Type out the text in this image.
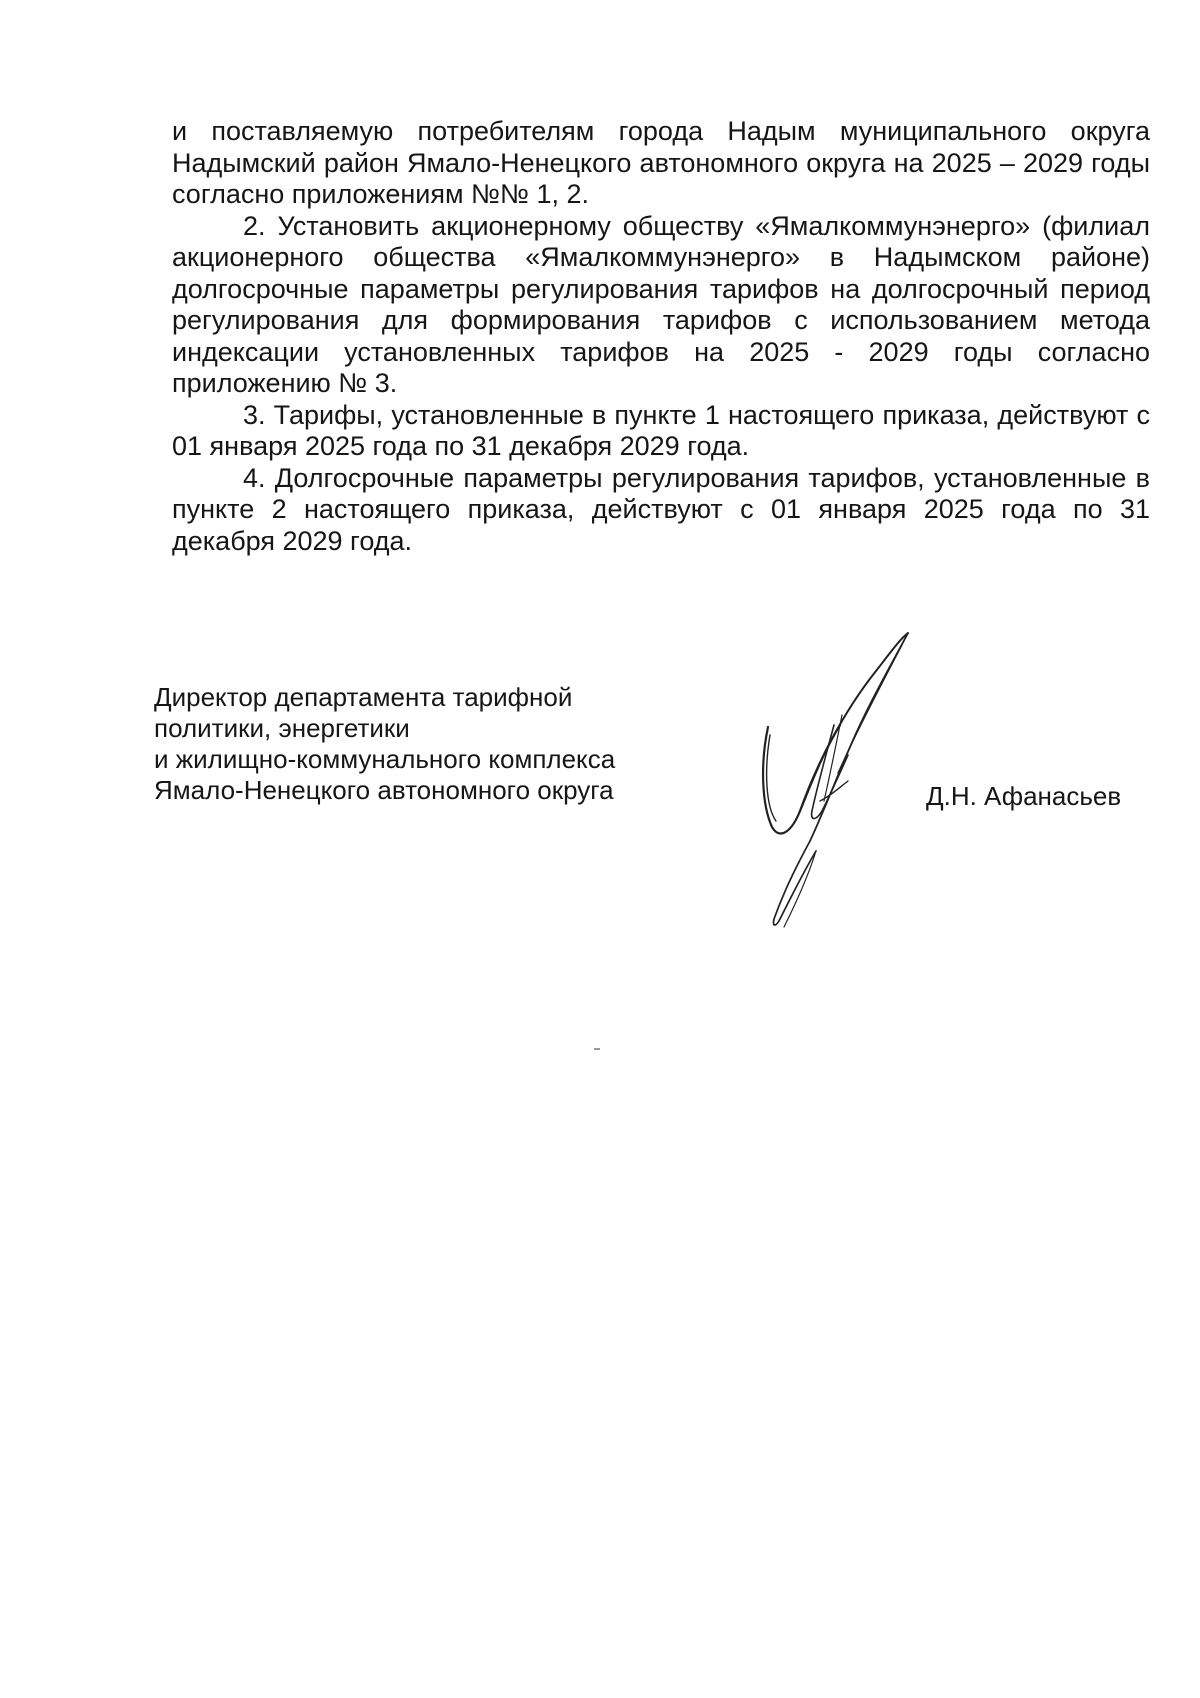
и поставляемую потребителям города Надым муниципального округа Надымский район Ямало-Ненецкого автономного округа на 2025 – 2029 годы согласно приложениям №№ 1, 2.

2. Установить акционерному обществу «Ямалкоммунэнерго» (филиал акционерного общества «Ямалкоммунэнерго» в Надымском районе) долгосрочные параметры регулирования тарифов на долгосрочный период регулирования для формирования тарифов с использованием метода индексации установленных тарифов на 2025 - 2029 годы согласно приложению № 3.

3. Тарифы, установленные в пункте 1 настоящего приказа, действуют с 01 января 2025 года по 31 декабря 2029 года.

4. Долгосрочные параметры регулирования тарифов, установленные в пункте 2 настоящего приказа, действуют с 01 января 2025 года по 31 декабря 2029 года.

Директор департамента тарифной
политики, энергетики
и жилищно-коммунального комплекса
Ямало-Ненецкого автономного округа	Д.Н. Афанасьев
